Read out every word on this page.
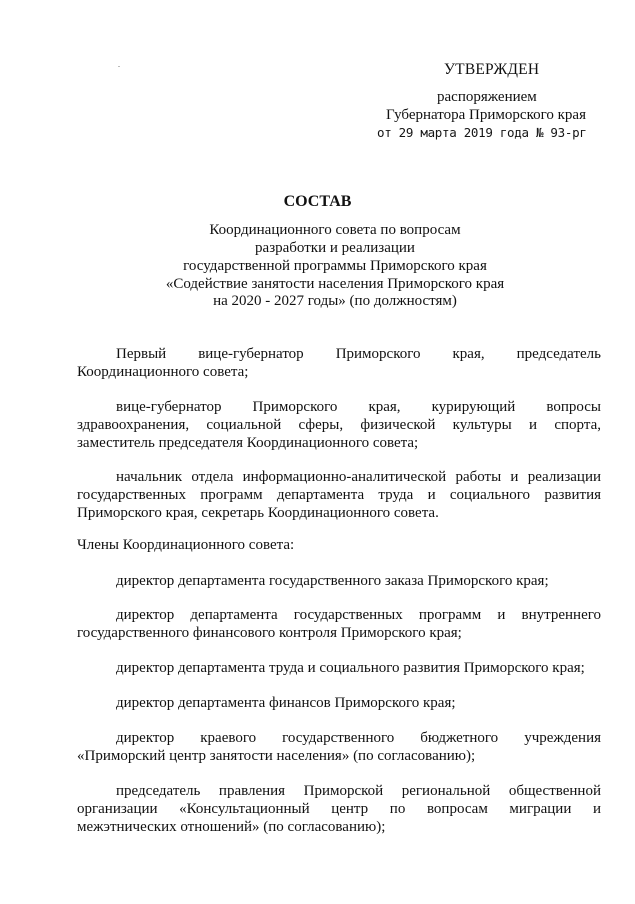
УТВЕРЖДЕН
распоряжением
Губернатора Приморского края
от 29 марта 2019 года № 93-рг
СОСТАВ
Координационного совета по вопросам
разработки и реализации
государственной программы Приморского края
«Содействие занятости населения Приморского края
на 2020 - 2027 годы» (по должностям)
Первый вице-губернатор Приморского края, председатель
Координационного совета;
вице-губернатор Приморского края, курирующий вопросы
здравоохранения, социальной сферы, физической культуры и спорта,
заместитель председателя Координационного совета;
начальник отдела информационно-аналитической работы и реализации
государственных программ департамента труда и социального развития
Приморского края, секретарь Координационного совета.
Члены Координационного совета:
директор департамента государственного заказа Приморского края;
директор департамента государственных программ и внутреннего
государственного финансового контроля Приморского края;
директор департамента труда и социального развития Приморского края;
директор департамента финансов Приморского края;
директор краевого государственного бюджетного учреждения
«Приморский центр занятости населения» (по согласованию);
председатель правления Приморской региональной общественной
организации «Консультационный центр по вопросам миграции и
межэтнических отношений» (по согласованию);
